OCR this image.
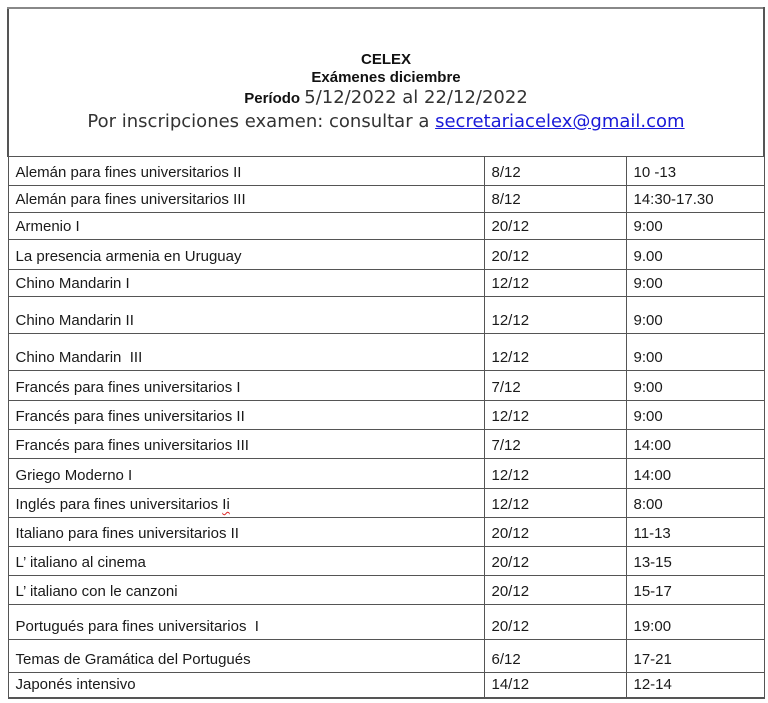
CELEX
Exámenes diciembre
Período 5/12/2022 al 22/12/2022
Por inscripciones examen: consultar a secretariacelex@gmail.com		

Alemán para fines universitarios II	8/12	10 -13
Alemán para fines universitarios III	8/12	14:30-17.30
Armenio I	20/12	9:00
La presencia armenia en Uruguay	20/12	9.00
Chino Mandarin I	12/12	9:00
Chino Mandarin II	12/12	9:00
Chino Mandarin  III	12/12	9:00
Francés para fines universitarios I	7/12	9:00
Francés para fines universitarios II	12/12	9:00
Francés para fines universitarios III	7/12	14:00
Griego Moderno I	12/12	14:00
Inglés para fines universitarios Ii	12/12	8:00
Italiano para fines universitarios II	20/12	11-13
L’ italiano al cinema	20/12	13-15
L’ italiano con le canzoni	20/12	15-17
Portugués para fines universitarios  I	20/12	19:00
Temas de Gramática del Portugués	6/12	17-21
Japonés intensivo	14/12	12-14
